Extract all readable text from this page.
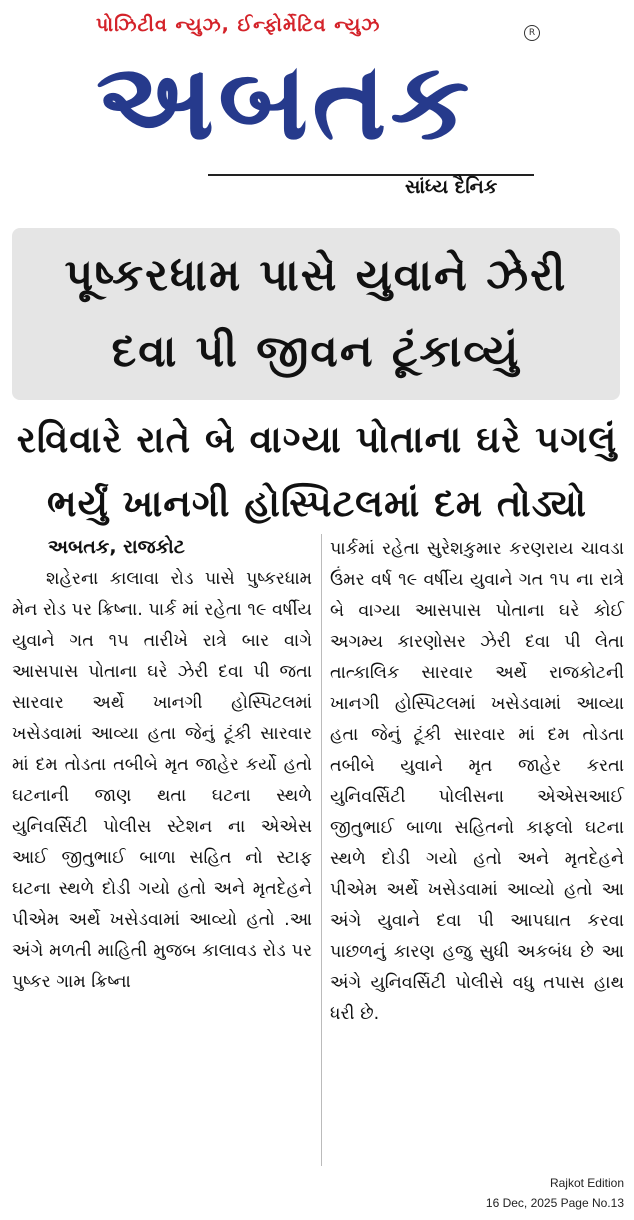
પોઝિટીવ ન્યુઝ, ઈન્ફોર્મેટિવ ન્યુઝ	R
અબતક
સાંધ્ય દૈનિક
પૂષ્કરધામ પાસે યુવાને ઝેરી
દવા પી જીવન ટૂંકાવ્યું
રવિવારે રાતે બે વાગ્યા પોતાના ઘરે પગલું
ભર્યું ખાનગી હોસ્પિટલમાં દમ તોડ્યો
અબતક, રાજકોટ
શહેરના કાલાવા રોડ પાસે પુષ્કરધામ મેન રોડ પર ક્રિષ્ના. પાર્ક માં રહેતા ૧૯ વર્ષીય યુવાને ગત ૧૫ તારીખે રાત્રે બાર વાગે આસપાસ પોતાના ઘરે ઝેરી દવા પી જતા સારવાર અર્થે ખાનગી હોસ્પિટલમાં ખસેડવામાં આવ્યા હતા જેનું ટૂંકી સારવાર માં દમ તોડતા તબીબે મૃત જાહેર કર્યો હતો ઘટનાની જાણ થતા ઘટના સ્થળે યુનિવર્સિટી પોલીસ સ્ટેશન ના એએસ આઈ જીતુભાઈ બાળા સહિત નો સ્ટાફ ઘટના સ્થળે દોડી ગયો હતો અને મૃતદેહને પીએમ અર્થે ખસેડવામાં આવ્યો હતો .આ અંગે મળતી માહિતી મુજબ કાલાવડ રોડ પર પુષ્કર ગામ ક્રિષ્ના
પાર્કમાં રહેતા સુરેશકુમાર કરણરાય ચાવડા ઉંમર વર્ષ ૧૯ વર્ષીય યુવાને ગત ૧૫ ના રાત્રે બે વાગ્યા આસપાસ પોતાના ઘરે કોઈ અગમ્ય કારણોસર ઝેરી દવા પી લેતા તાત્કાલિક સારવાર અર્થે રાજકોટની ખાનગી હોસ્પિટલમાં ખસેડવામાં આવ્યા હતા જેનું ટૂંકી સારવાર માં દમ તોડતા તબીબે યુવાને મૃત જાહેર કરતા યુનિવર્સિટી પોલીસના એએસઆઈ જીતુભાઈ બાળા સહિતનો કાફલો ઘટના સ્થળે દોડી ગયો હતો અને મૃતદેહને પીએમ અર્થે ખસેડવામાં આવ્યો હતો આ અંગે યુવાને દવા પી આપઘાત કરવા પાછળનું કારણ હજુ સુધી અકબંધ છે આ અંગે યુનિવર્સિટી પોલીસે વધુ તપાસ હાથ ધરી છે.
Rajkot Edition
16 Dec, 2025 Page No.13
